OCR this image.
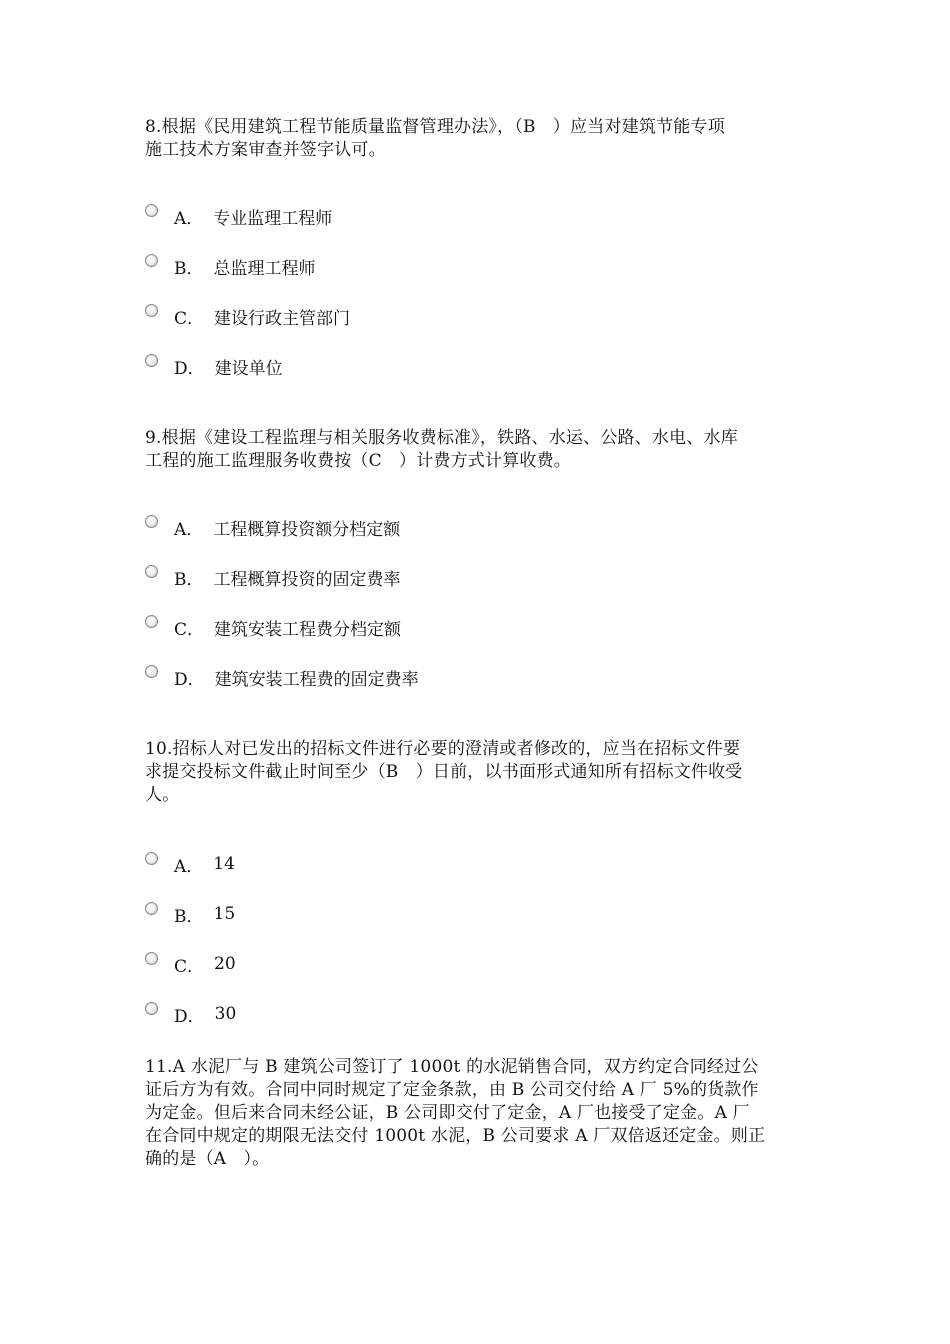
8.根据《民用建筑工程节能质量监督管理办法》，（B　）应当对建筑节能专项
施工技术方案审查并签字认可。

A． 专业监理工程师
B． 总监理工程师
C． 建设行政主管部门
D． 建设单位

9.根据《建设工程监理与相关服务收费标准》，铁路、水运、公路、水电、水库
工程的施工监理服务收费按（C　）计费方式计算收费。

A． 工程概算投资额分档定额
B． 工程概算投资的固定费率
C． 建筑安装工程费分档定额
D． 建筑安装工程费的固定费率

10.招标人对已发出的招标文件进行必要的澄清或者修改的，应当在招标文件要
求提交投标文件截止时间至少（B　）日前，以书面形式通知所有招标文件收受
人。

A． 14
B． 15
C． 20
D． 30

11.A 水泥厂与 B 建筑公司签订了 1000t 的水泥销售合同，双方约定合同经过公
证后方为有效。合同中同时规定了定金条款，由 B 公司交付给 A 厂 5%的货款作
为定金。但后来合同未经公证，B 公司即交付了定金，A 厂也接受了定金。A 厂
在合同中规定的期限无法交付 1000t 水泥，B 公司要求 A 厂双倍返还定金。则正
确的是（A　）。
